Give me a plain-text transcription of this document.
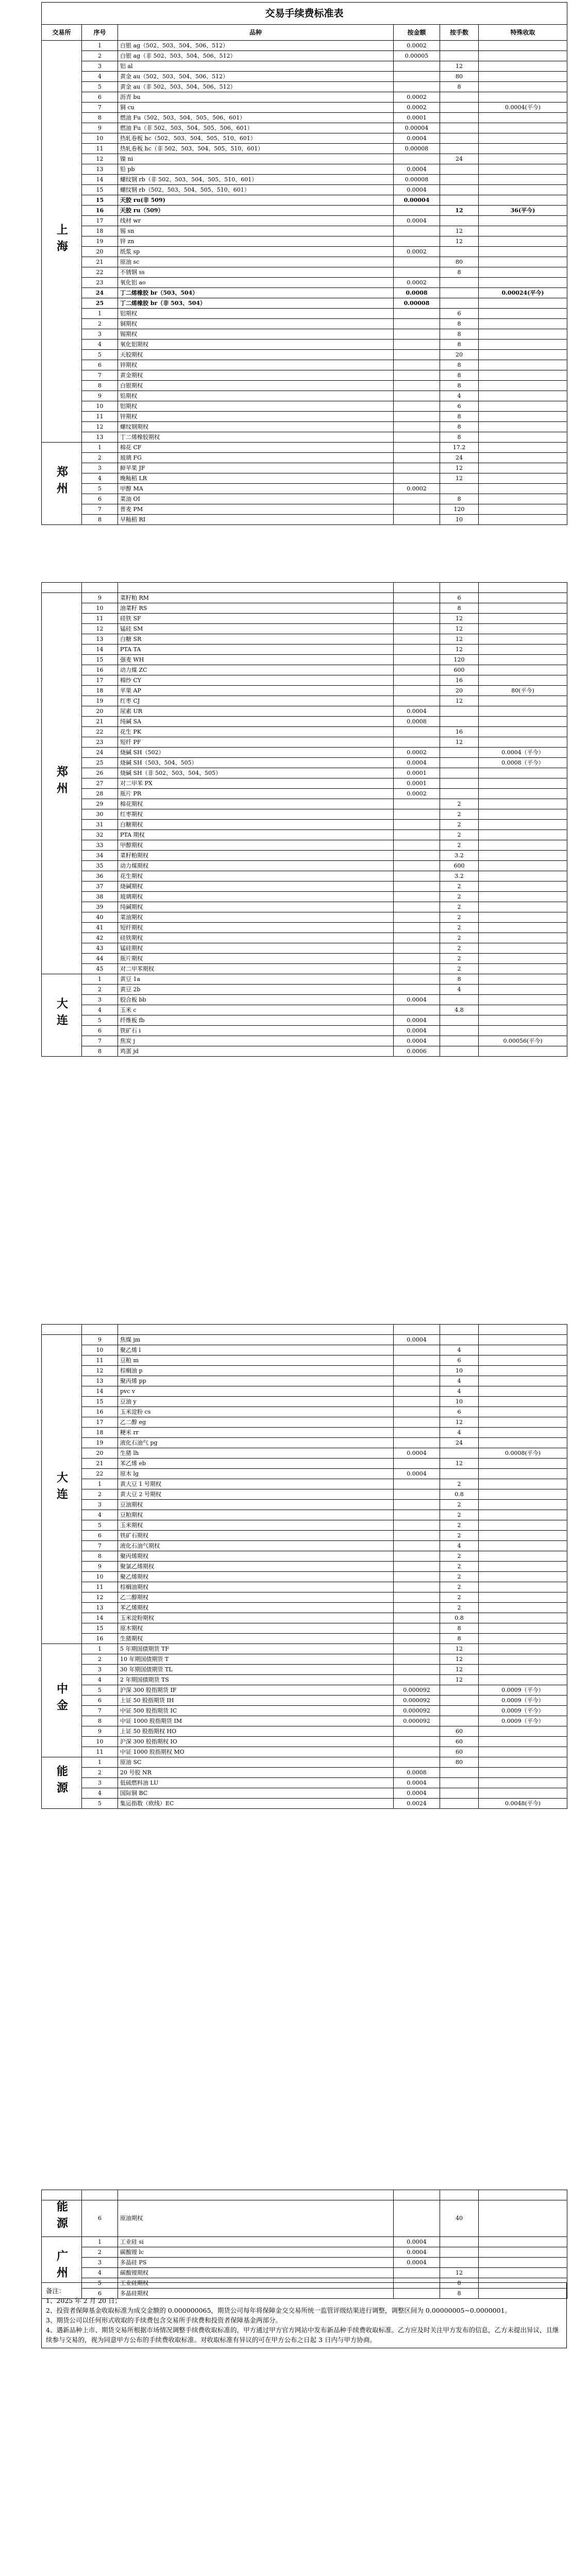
交易手续费标准表					
交易所	序号	品种	按金额	按手数	特殊收取
上海	1	白银 ag（502、503、504、506、512）	0.0002		
	2	白银 ag（非 502、503、504、506、512）	0.00005		
	3	铝 al		12	
	4	黄金 au（502、503、504、506、512）		80	
	5	黄金 au（非 502、503、504、506、512）		8	
	6	沥青 bu	0.0002		
	7	铜 cu	0.0002		0.0004(平今)
	8	燃油 Fu（502、503、504、505、506、601）	0.0001		
	9	燃油 Fu（非 502、503、504、505、506、601）	0.00004		
	10	热轧卷板 hc（502、503、504、505、510、601）	0.0004		
	11	热轧卷板 hc（非 502、503、504、505、510、601）	0.00008		
	12	镍 ni		24	
	13	铅 pb	0.0004		
	14	螺纹钢 rb（非 502、503、504、505、510、601）	0.00008		
	15	螺纹钢 rb（502、503、504、505、510、601）	0.0004		
	15	天胶 ru(非 509)	0.00004		
	16	天胶 ru（509）		12	36(平今)
	17	线材 wr	0.0004		
	18	锡 sn		12	
	19	锌 zn		12	
	20	纸浆 sp	0.0002		
	21	原油 sc		80	
	22	不锈钢 ss		8	
	23	氧化铝 ao	0.0002		
	24	丁二烯橡胶 br（503、504）	0.0008		0.00024(平今)
	25	丁二烯橡胶 br（非 503、504）	0.00008		
	1	铝期权		6	
	2	铜期权		8	
	3	锡期权		8	
	4	氧化铝期权		8	
	5	天胶期权		20	
	6	锌期权		8	
	7	黄金期权		8	
	8	白银期权		8	
	9	铅期权		4	
	10	铝期权		6	
	11	锌期权		8	
	12	螺纹钢期权		8	
	13	丁二烯橡胶期权		8	
郑州	1	棉花 CF		17.2	
	2	玻璃 FG		24	
	3	鲜苹果 JF		12	
	4	晚籼稻 LR		12	
	5	甲醇 MA	0.0002		
	6	菜油 OI		8	
	7	普麦 PM		120	
	8	早籼稻 RI		10	

郑州	9	菜籽粕 RM		6	
	10	油菜籽 RS		8	
	11	硅铁 SF		12	
	12	锰硅 SM		12	
	13	白糖 SR		12	
	14	PTA TA		12	
	15	强麦 WH		120	
	16	动力煤 ZC		600	
	17	棉纱 CY		16	
	18	苹果 AP		20	80(平今)
	19	红枣 CJ		12	
	20	尿素 UR	0.0004		
	21	纯碱 SA	0.0008		
	22	花生 PK		16	
	23	短纤 PF		12	
	24	烧碱 SH（502）	0.0002		0.0004（平今）
	25	烧碱 SH（503、504、505）	0.0004		0.0008（平今）
	26	烧碱 SH（非 502、503、504、505）	0.0001		
	27	对二甲苯 PX	0.0001		
	28	瓶片 PR	0.0002		
	29	棉花期权		2	
	30	红枣期权		2	
	31	白糖期权		2	
	32	PTA 期权		2	
	33	甲醇期权		2	
	34	菜籽粕期权		3.2	
	35	动力煤期权		600	
	36	花生期权		3.2	
	37	烧碱期权		2	
	38	玻璃期权		2	
	39	纯碱期权		2	
	40	菜油期权		2	
	41	短纤期权		2	
	42	硅铁期权		2	
	43	锰硅期权		2	
	44	瓶片期权		2	
	45	对二甲苯期权		2	
大连	1	黄豆 1a		8	
	2	黄豆 2b		4	
	3	胶合板 bb	0.0004		
	4	玉米 c		4.8	
	5	纤维板 fb	0.0004		
	6	铁矿石 i	0.0004		
	7	焦炭 j	0.0004		0.00056(平今)
	8	鸡蛋 jd	0.0006		

大连	9	焦煤 jm	0.0004		
	10	聚乙烯 l		4	
	11	豆粕 m		6	
	12	棕榈油 p		10	
	13	聚丙烯 pp		4	
	14	pvc v		4	
	15	豆油 y		10	
	16	玉米淀粉 cs		6	
	17	乙二醇 eg		12	
	18	粳米 rr		4	
	19	液化石油气 pg		24	
	20	生猪 lh	0.0004		0.0008(平今)
	21	苯乙烯 eb		12	
	22	原木 lg	0.0004		
	1	黄大豆 1 号期权		2	
	2	黄大豆 2 号期权		0.8	
	3	豆油期权		2	
	4	豆粕期权		2	
	5	玉米期权		2	
	6	铁矿石期权		2	
	7	液化石油气期权		4	
	8	聚丙烯期权		2	
	9	聚氯乙烯期权		2	
	10	聚乙烯期权		2	
	11	棕榈油期权		2	
	12	乙二醇期权		2	
	13	苯乙烯期权		2	
	14	玉米淀粉期权		0.8	
	15	原木期权		8	
	16	生猪期权		8	
中金	1	5 年期国债期货 TF		12	
	2	10 年期国债期货 T		12	
	3	30 年期国债期货 TL		12	
	4	2 年期国债期货 TS		12	
	5	沪深 300 股指期货 IF	0.000092		0.0009（平今）
	6	上证 50 股指期货 IH	0.000092		0.0009（平今）
	7	中证 500 股指期货 IC	0.000092		0.0009（平今）
	8	中证 1000 股指期货 IM	0.000092		0.0009（平今）
	9	上证 50 股指期权 HO		60	
	10	沪深 300 股指期权 IO		60	
	11	中证 1000 股指期权 MO		60	
能源	1	原油 SC		80	
	2	20 号胶 NR	0.0008		
	3	低硫燃料油 LU	0.0004		
	4	国际铜 BC	0.0004		
	5	集运指数（欧线）EC	0.0024		0.0048(平今)

能源	6	原油期权		40	
广州	1	工业硅 si	0.0004		
	2	碳酸锂 lc	0.0004		
	3	多晶硅 PS	0.0004		
	4	碳酸锂期权		12	
	5	工业硅期权		8	
	6	多晶硅期权		8	

备注：

1、2025 年 2 月 20 日；

2、投资者保障基金收取标准为成交金额的 0.000000065，期货公司每年将保障金交交易所统一监管评级结果进行调整，调整区间为 0.00000005~0.0000001。

3、期货公司以任何形式收取的手续费包含交易所手续费和投资者保障基金两部分。

4、遇新品种上市、期货交易所根据市场情况调整手续费收取标准的，甲方通过甲方官方网站中发布新品种手续费收取标准。乙方应及时关注甲方发布的信息，乙方未提出异议，且继续参与交易的，视为同意甲方公布的手续费收取标准。对收取标准有异议的可在甲方公布之日起 3 日内与甲方协商。
